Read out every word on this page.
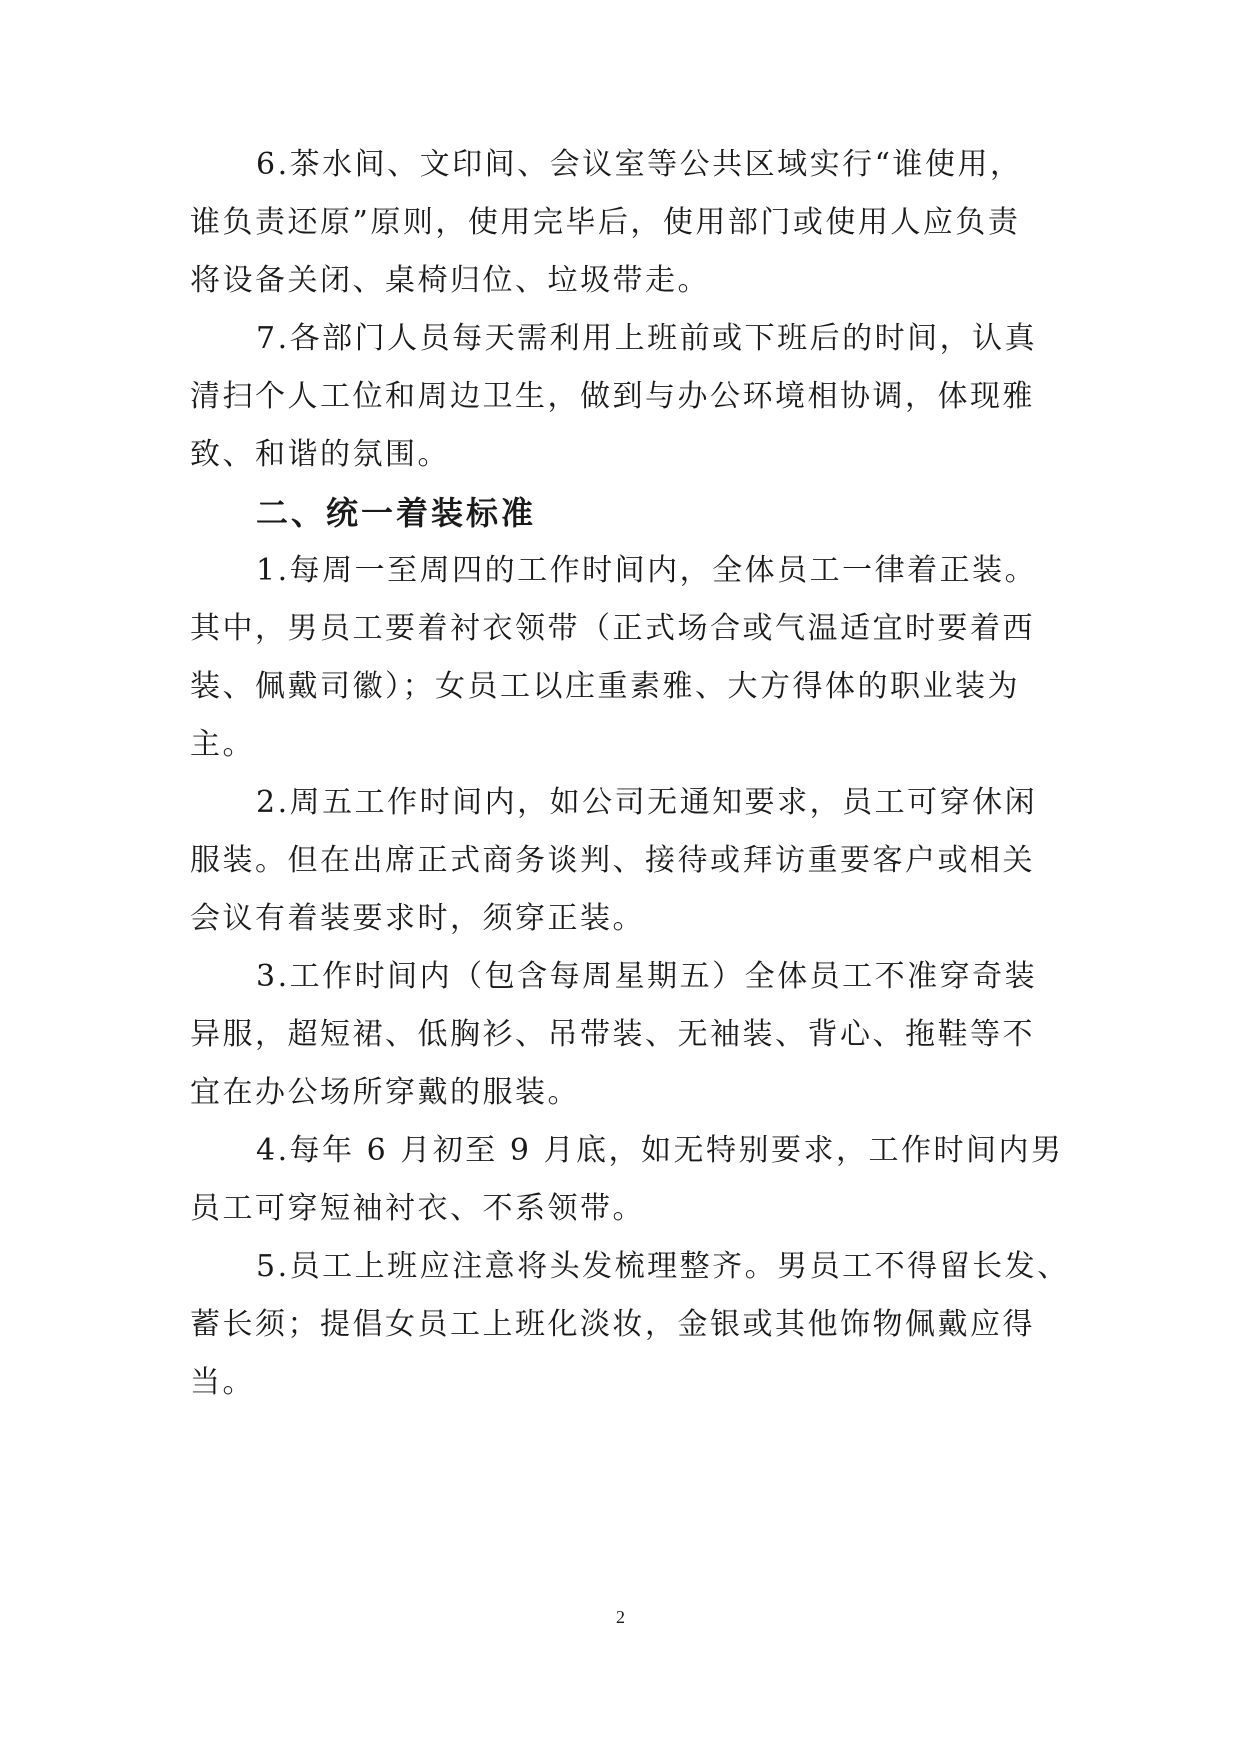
6.茶水间、文印间、会议室等公共区域实行“谁使用，
谁负责还原”原则，使用完毕后，使用部门或使用人应负责
将设备关闭、桌椅归位、垃圾带走。
7.各部门人员每天需利用上班前或下班后的时间，认真
清扫个人工位和周边卫生，做到与办公环境相协调，体现雅
致、和谐的氛围。
二、统一着装标准
1.每周一至周四的工作时间内，全体员工一律着正装。
其中，男员工要着衬衣领带（正式场合或气温适宜时要着西
装、佩戴司徽）；女员工以庄重素雅、大方得体的职业装为
主。
2.周五工作时间内，如公司无通知要求，员工可穿休闲
服装。但在出席正式商务谈判、接待或拜访重要客户或相关
会议有着装要求时，须穿正装。
3.工作时间内（包含每周星期五）全体员工不准穿奇装
异服，超短裙、低胸衫、吊带装、无袖装、背心、拖鞋等不
宜在办公场所穿戴的服装。
4.每年 6 月初至 9 月底，如无特别要求，工作时间内男
员工可穿短袖衬衣、不系领带。
5.员工上班应注意将头发梳理整齐。男员工不得留长发、
蓄长须；提倡女员工上班化淡妆，金银或其他饰物佩戴应得
当。
2
